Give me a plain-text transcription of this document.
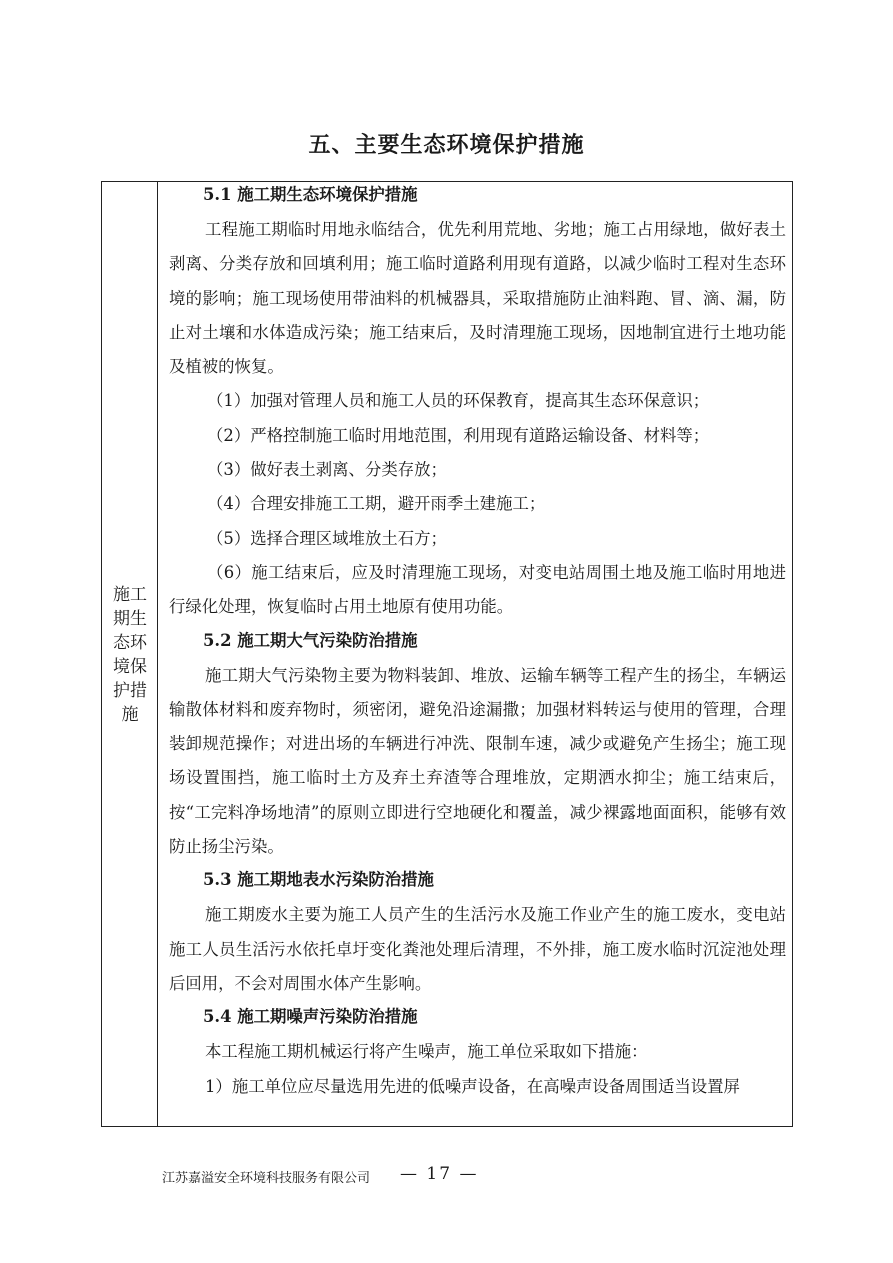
五、主要生态环境保护措施
施工期生态环境保护措施

5.1 施工期生态环境保护措施

工程施工期临时用地永临结合，优先利用荒地、劣地；施工占用绿地，做好表土剥离、分类存放和回填利用；施工临时道路利用现有道路，以减少临时工程对生态环境的影响；施工现场使用带油料的机械器具，采取措施防止油料跑、冒、滴、漏，防止对土壤和水体造成污染；施工结束后，及时清理施工现场，因地制宜进行土地功能及植被的恢复。

（1）加强对管理人员和施工人员的环保教育，提高其生态环保意识；

（2）严格控制施工临时用地范围，利用现有道路运输设备、材料等；

（3）做好表土剥离、分类存放；

（4）合理安排施工工期，避开雨季土建施工；

（5）选择合理区域堆放土石方；

（6）施工结束后，应及时清理施工现场，对变电站周围土地及施工临时用地进行绿化处理，恢复临时占用土地原有使用功能。

5.2 施工期大气污染防治措施

施工期大气污染物主要为物料装卸、堆放、运输车辆等工程产生的扬尘，车辆运输散体材料和废弃物时，须密闭，避免沿途漏撒；加强材料转运与使用的管理，合理装卸规范操作；对进出场的车辆进行冲洗、限制车速，减少或避免产生扬尘；施工现场设置围挡，施工临时土方及弃土弃渣等合理堆放，定期洒水抑尘；施工结束后，按“工完料净场地清”的原则立即进行空地硬化和覆盖，减少裸露地面面积，能够有效防止扬尘污染。

5.3 施工期地表水污染防治措施

施工期废水主要为施工人员产生的生活污水及施工作业产生的施工废水，变电站施工人员生活污水依托卓圩变化粪池处理后清理，不外排，施工废水临时沉淀池处理后回用，不会对周围水体产生影响。

5.4 施工期噪声污染防治措施

本工程施工期机械运行将产生噪声，施工单位采取如下措施：

1）施工单位应尽量选用先进的低噪声设备，在高噪声设备周围适当设置屏

江苏嘉溢安全环境科技服务有限公司 — 17 —
